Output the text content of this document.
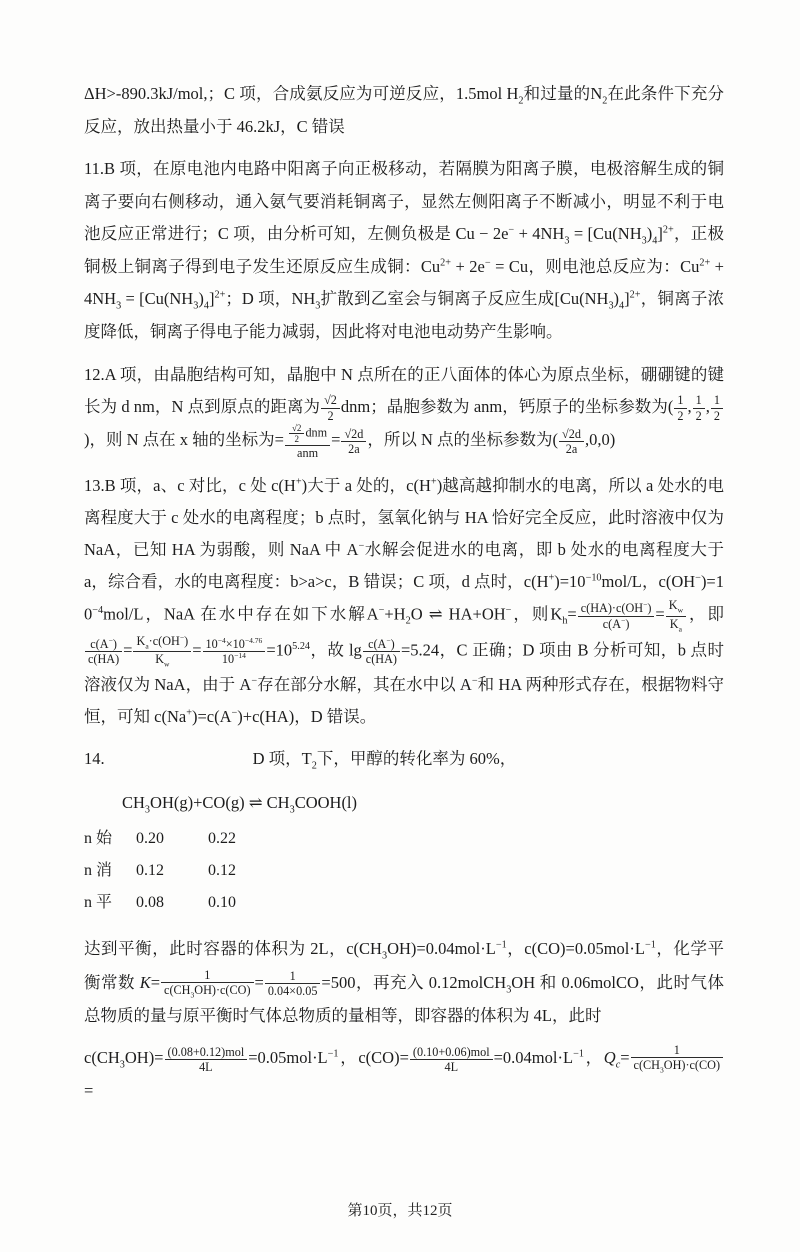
ΔH>-890.3kJ/mol,；C 项，合成氨反应为可逆反应，1.5mol $H_2$和过量的$N_2$在此条件下充分反应，放出热量小于 46.2kJ，C 错误

11.B 项，在原电池内电路中阳离子向正极移动，若隔膜为阳离子膜，电极溶解生成的铜离子要向右侧移动，通入氨气要消耗铜离子，显然左侧阳离子不断减小，明显不利于电池反应正常进行；C 项，由分析可知，左侧负极是 $Cu - 2e^- + 4NH_3 = [Cu(NH_3)_4]^{2+}$，正极铜极上铜离子得到电子发生还原反应生成铜：$Cu^{2+} + 2e^- = Cu$，则电池总反应为：$Cu^{2+} + 4NH_3 = [Cu(NH_3)_4]^{2+}$；D 项，$NH_3$扩散到乙室会与铜离子反应生成$[Cu(NH_3)_4]^{2+}$，铜离子浓度降低，铜离子得电子能力减弱，因此将对电池电动势产生影响。

12.A 项，由晶胞结构可知，晶胞中 N 点所在的正八面体的体心为原点坐标，硼硼键的键长为 d nm，N 点到原点的距离为 $\frac{√2}{2}$ dnm；晶胞参数为 anm，钙原子的坐标参数为( $\frac{1}{2}$ , $\frac{1}{2}$ , $\frac{1}{2}$
)，则 N 点在 x 轴的坐标为= $\frac{\frac{√2}{2} dnm}{\text{anm}} = \frac{√2d}{2a}$ ，所以 N 点的坐标参数为( $\frac{√2d}{2a} ,0,0$)

13.B 项，a、c 对比，c 处 c(H+)大于 a 处的，c(H+)越高越抑制水的电离，所以 a 处水的电离程度大于 c 处水的电离程度；b 点时，氢氧化钠与 HA 恰好完全反应，此时溶液中仅为 NaA，已知 HA 为弱酸，则 NaA 中 A−水解会促进水的电离，即 b 处水的电离程度大于 a，综合看，水的电离程度：b>a>c，B 错误；C 项，d 点时，$c(H^+)=10^{-10}mol/L$，$c(OH^-)=10^{-4}mol/L$，NaA 在水中存在如下水解$A^-+H_2O$ ⇌ HA+OH−，则$K_h= \frac{c(HA)\cdot c(OH^-)}{c(A^-)} = \frac{K_w}{K_a}$ ，即
$\frac{c(A^-)}{c(HA)} = \frac{K_a\cdot c(OH^-)}{K_w} = \frac{10^{-4}\times 10^{-4.76}}{10^{-14}} =10^{5.24}$，故 $\lg \frac{c(A^-)}{c(HA)} =5.24$，C 正确；D 项由 B 分析可知，b 点时溶液仅为 NaA，由于 A−存在部分水解，其在水中以 A−和 HA 两种形式存在，根据物料守恒，可知 c(Na+)=c(A−)+c(HA)，D 错误。

14.	D 项，$T_2$下，甲醇的转化率为 60%，

$CH_3OH(g)+CO(g)$ ⇌ $CH_3COOH(l)$

n 始	0.20	0.22
n 消	0.12	0.12
n 平	0.08	0.10

达到平衡，此时容器的体积为 2L，$c(CH_3OH)=0.04mol\cdot L^{-1}$，$c(CO)=0.05mol\cdot L^{-1}$，化学平衡常数 $K= \frac{1}{c(CH_3OH)\cdot c(CO)} = \frac{1}{0.04\times 0.05} =500$，再充入 0.12molCH$_3$OH 和 0.06molCO，此时气体总物质的量与原平衡时气体总物质的量相等，即容器的体积为 4L，此时

$c(CH_3OH)= \frac{\text{(0.08+0.12)mol}}{4L} =0.05mol\cdot L^{-1}$，$c(CO)= \frac{\text{(0.10+0.06)mol}}{4L} =0.04mol\cdot L^{-1}$，$Q_c= \frac{1}{c(CH_3OH)\cdot c(CO)}$
=

第10页，共12页
